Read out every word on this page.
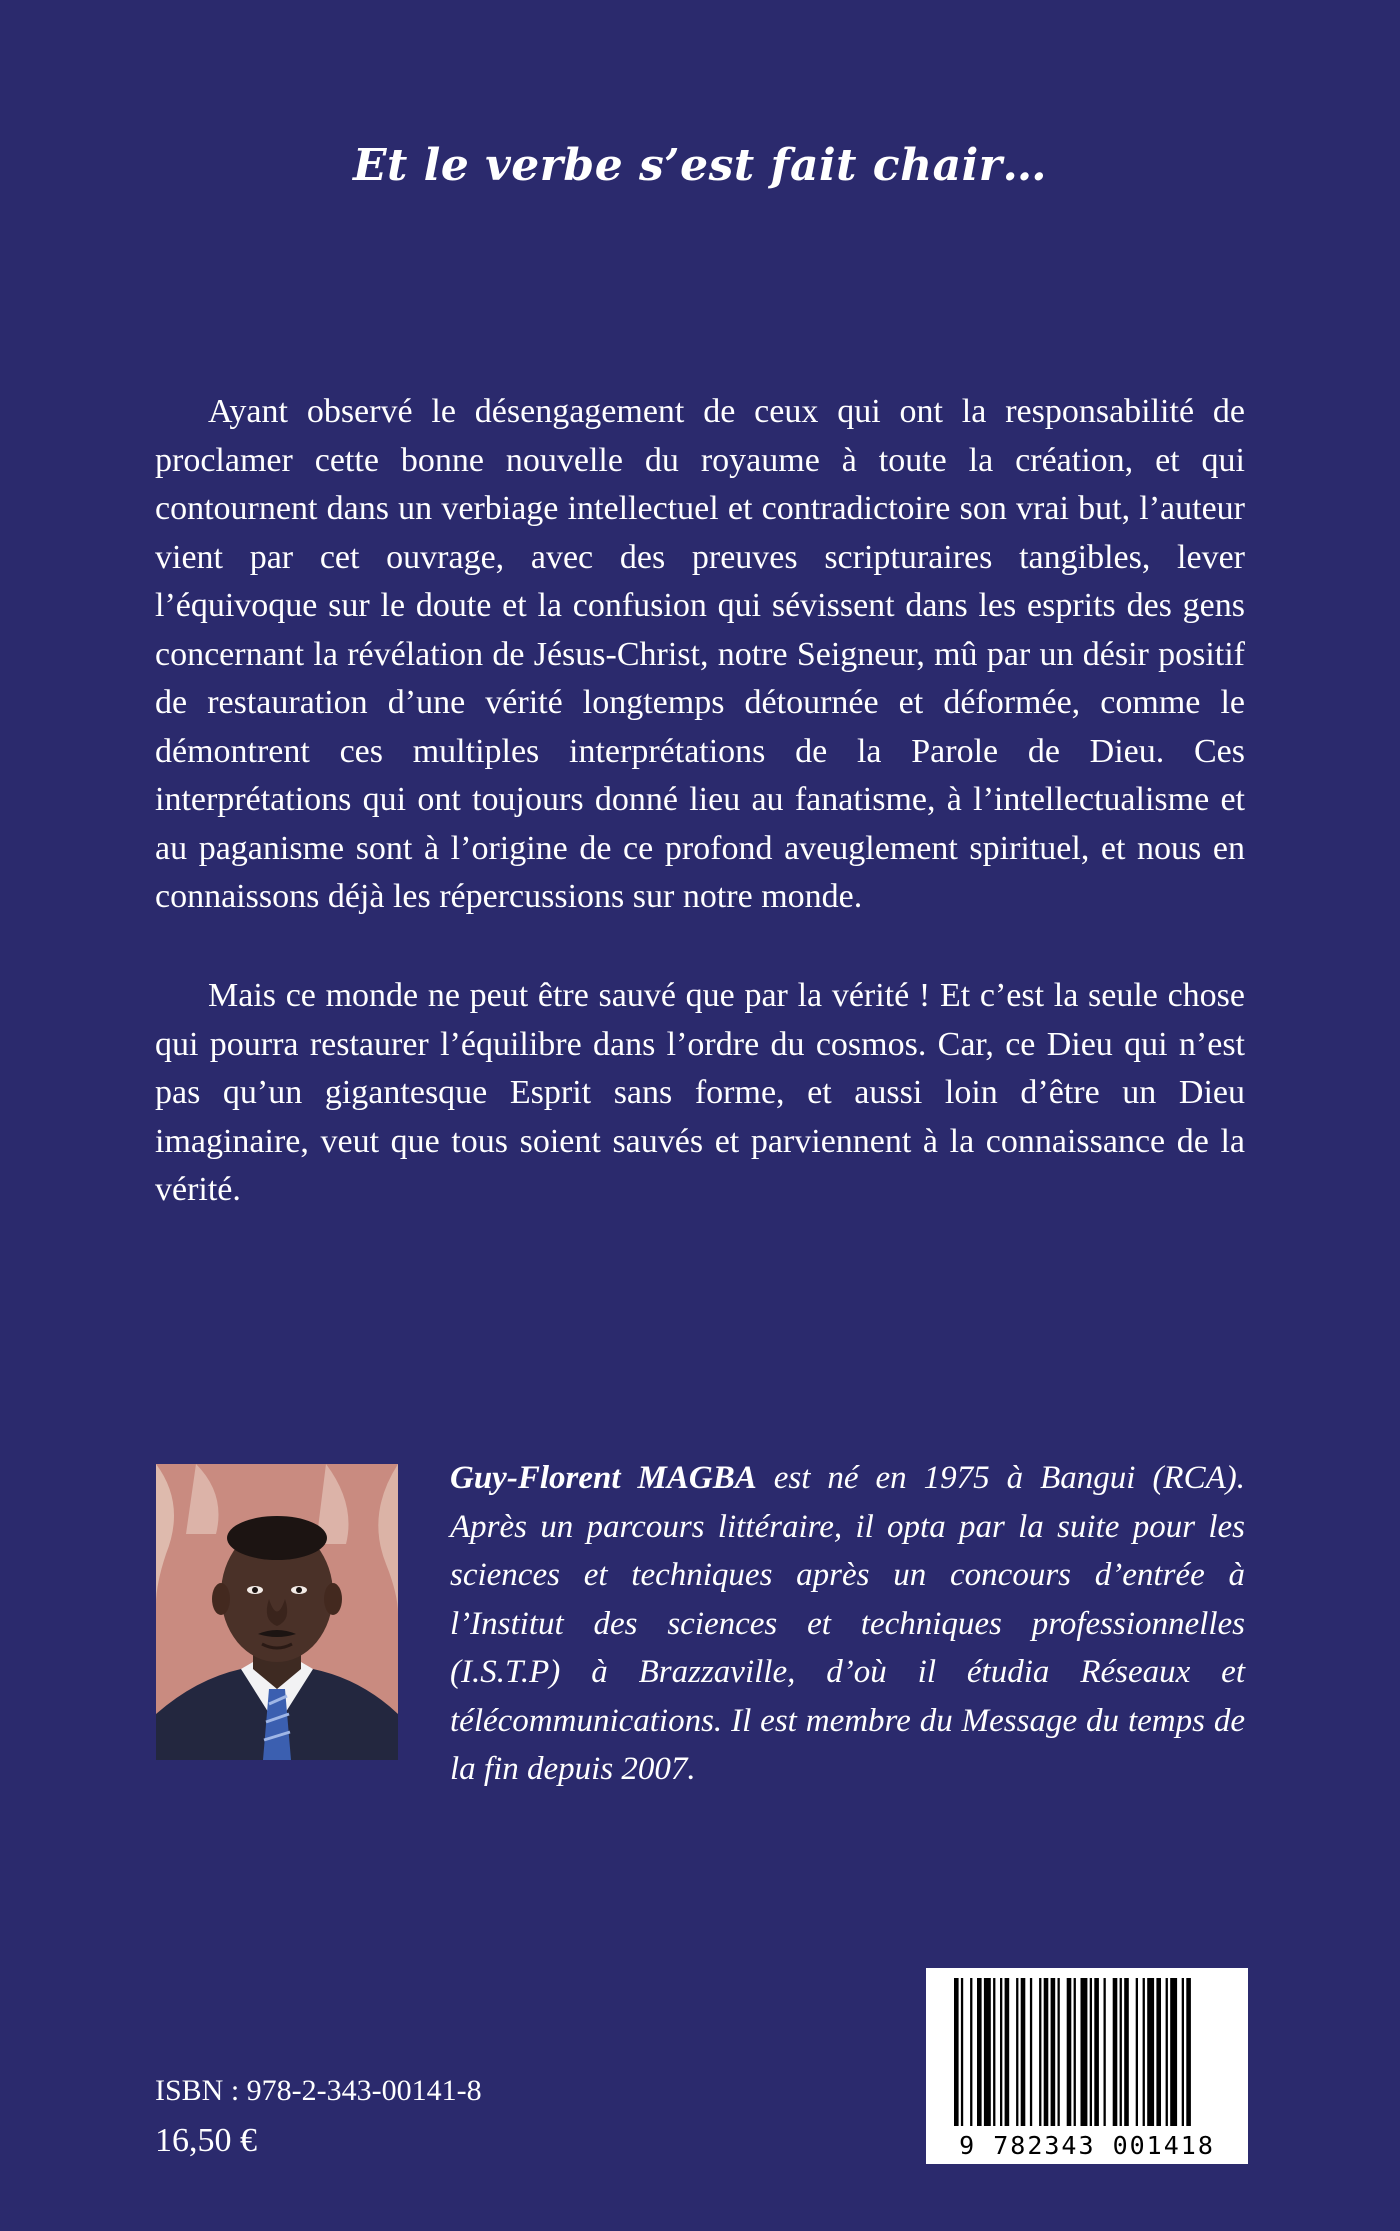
Et le verbe s’est fait chair…

Ayant observé le désengagement de ceux qui ont la responsabilité de proclamer cette bonne nouvelle du royaume à toute la création, et qui contournent dans un verbiage intellectuel et contradictoire son vrai but, l’auteur vient par cet ouvrage, avec des preuves scripturaires tangibles, lever l’équivoque sur le doute et la confusion qui sévissent dans les esprits des gens concernant la révélation de Jésus-Christ, notre Seigneur, mû par un désir positif de restauration d’une vérité longtemps détournée et déformée, comme le démontrent ces multiples interprétations de la Parole de Dieu. Ces interprétations qui ont toujours donné lieu au fanatisme, à l’intellectualisme et au paganisme sont à l’origine de ce profond aveuglement spirituel, et nous en connaissons déjà les répercussions sur notre monde.

Mais ce monde ne peut être sauvé que par la vérité ! Et c’est la seule chose qui pourra restaurer l’équilibre dans l’ordre du cosmos. Car, ce Dieu qui n’est pas qu’un gigantesque Esprit sans forme, et aussi loin d’être un Dieu imaginaire, veut que tous soient sauvés et parviennent à la connaissance de la vérité.

Guy-Florent MAGBA est né en 1975 à Bangui (RCA). Après un parcours littéraire, il opta par la suite pour les sciences et techniques après un concours d’entrée à l’Institut des sciences et techniques professionnelles (I.S.T.P) à Brazzaville, d’où il étudia Réseaux et télécommunications. Il est membre du Message du temps de la fin depuis 2007.
ISBN : 978-2-343-00141-8
16,50 €	9 782343 001418
